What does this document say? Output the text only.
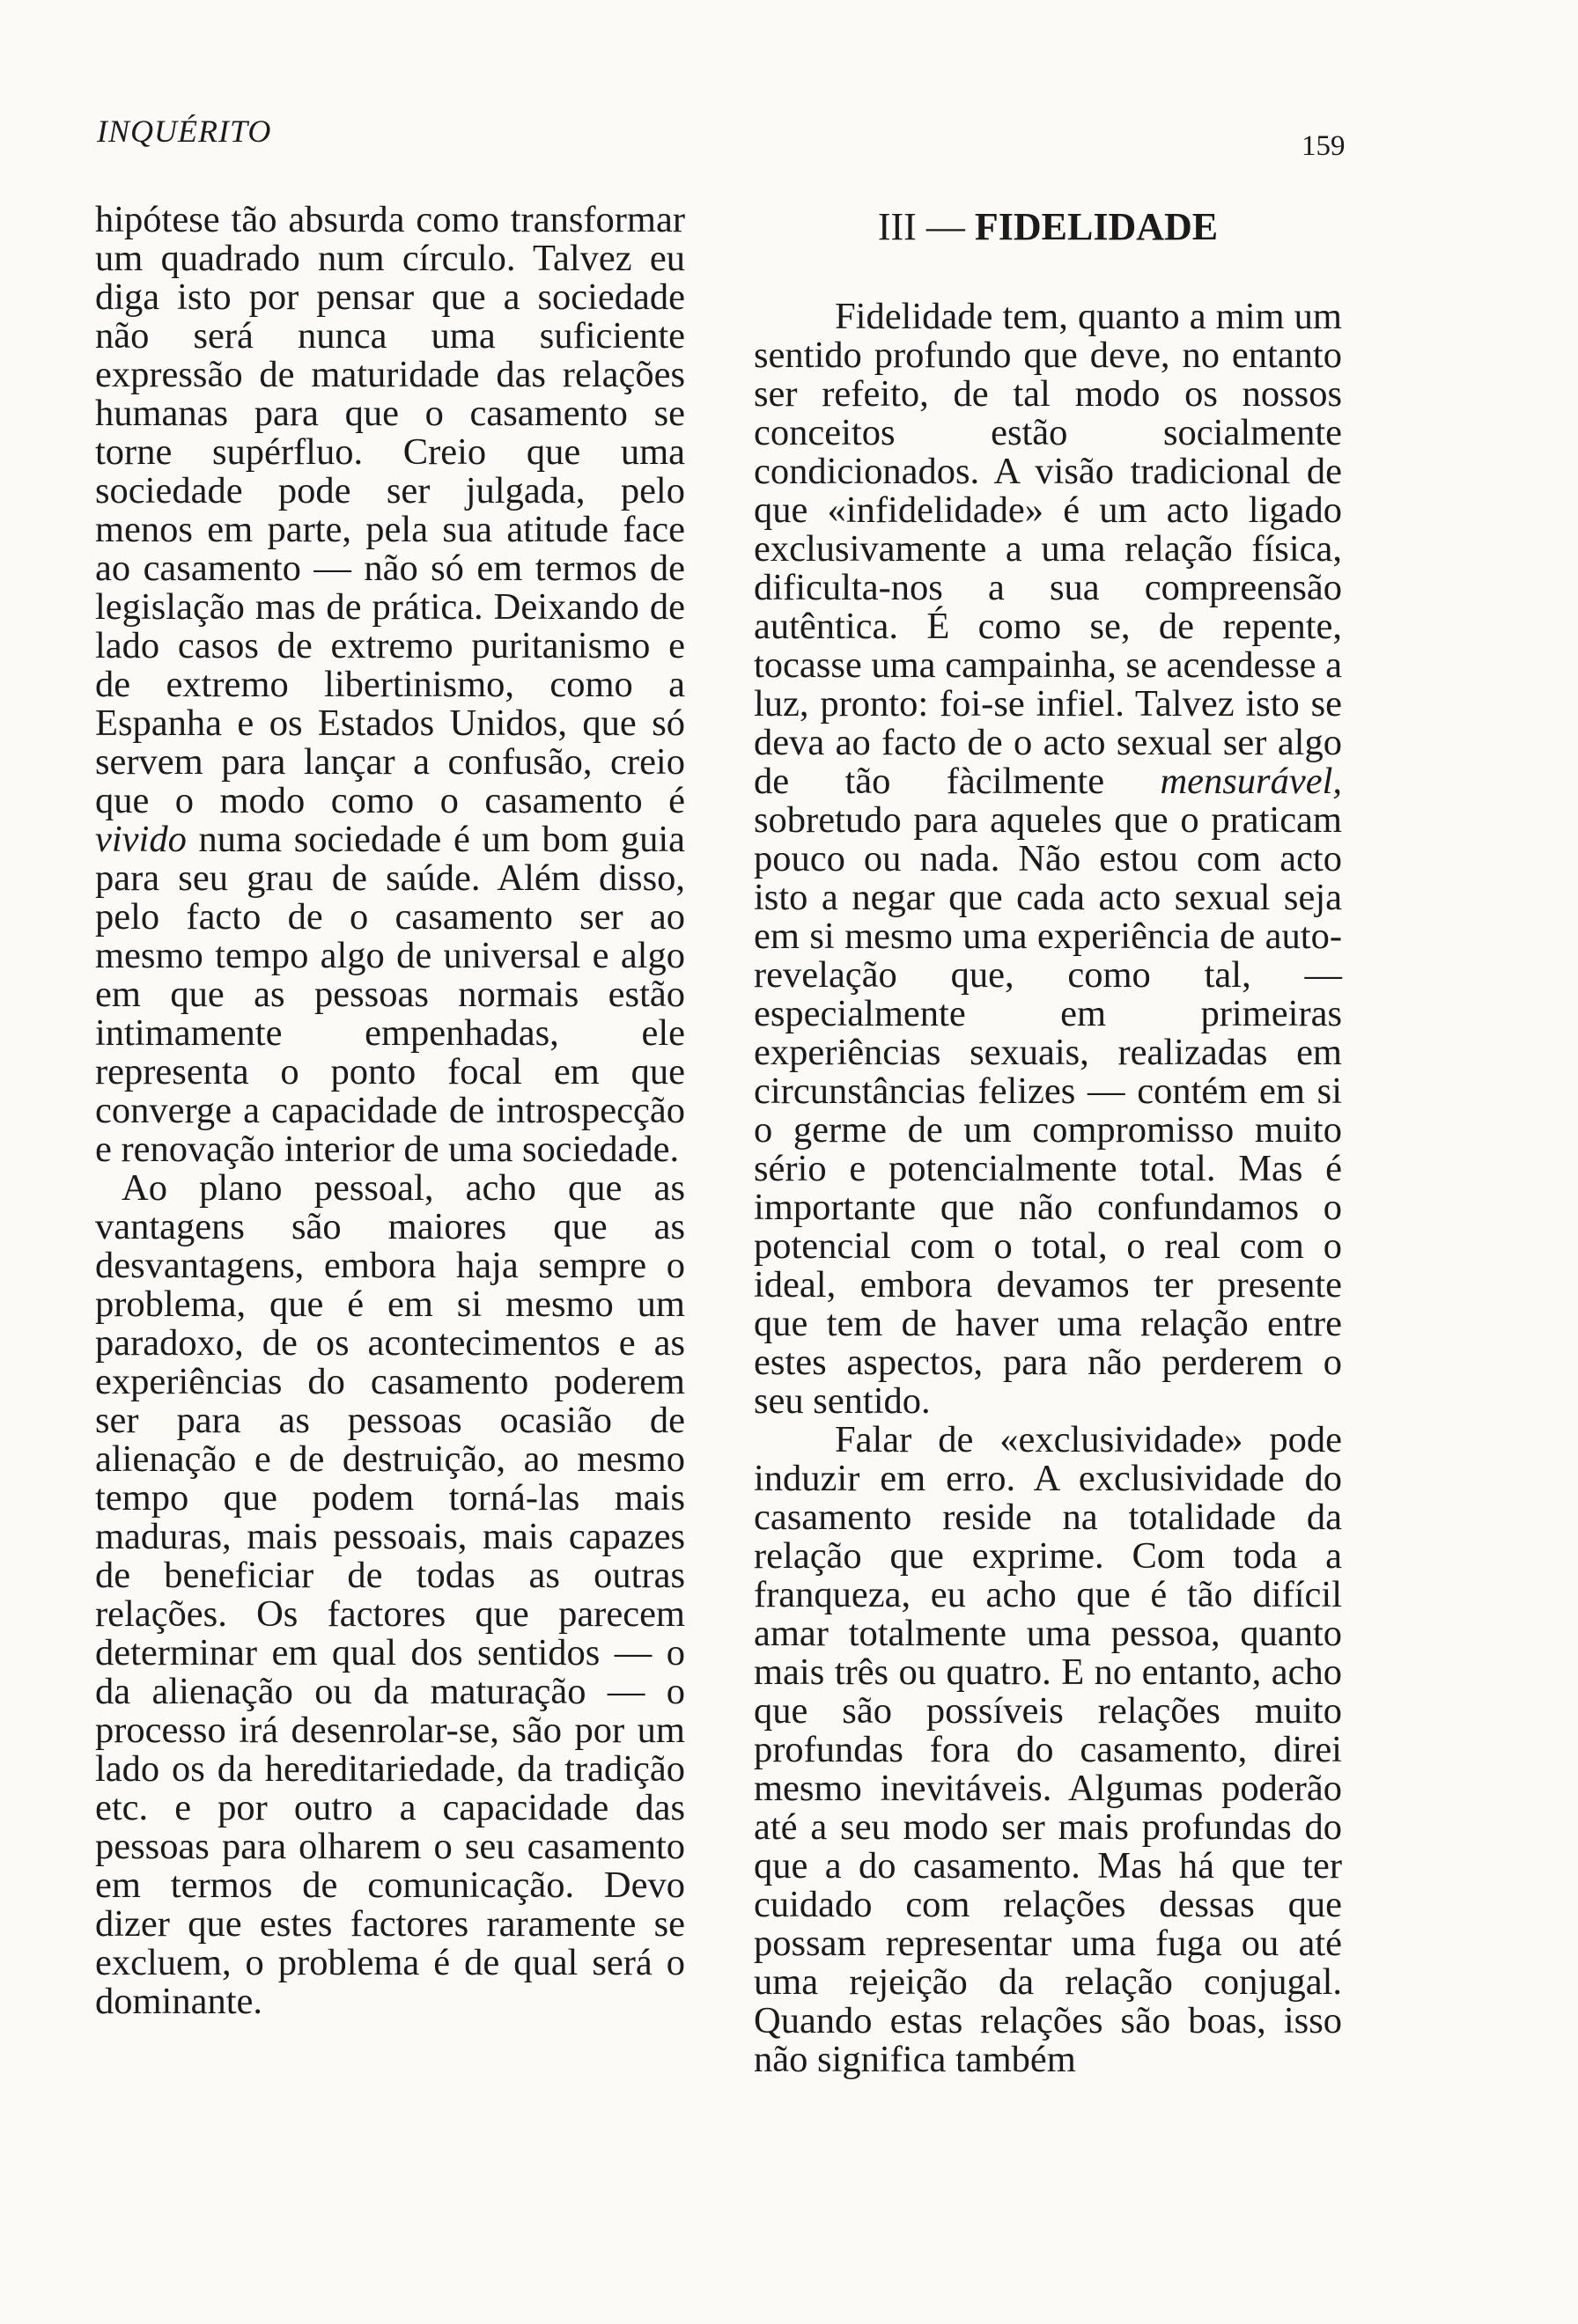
INQUÉRITO	159

hipótese tão absurda como transformar um quadrado num círculo. Talvez eu diga isto por pensar que a sociedade não será nunca uma suficiente expressão de maturidade das relações humanas para que o casamento se torne supérfluo. Creio que uma sociedade pode ser julgada, pelo menos em parte, pela sua atitude face ao casamento — não só em termos de legislação mas de prática. Deixando de lado casos de extremo puritanismo e de extremo libertinismo, como a Espanha e os Estados Unidos, que só servem para lançar a confusão, creio que o modo como o casamento é vivido numa sociedade é um bom guia para seu grau de saúde. Além disso, pelo facto de o casamento ser ao mesmo tempo algo de universal e algo em que as pessoas normais estão intimamente empenhadas, ele representa o ponto focal em que converge a capacidade de introspecção e renovação interior de uma sociedade.

Ao plano pessoal, acho que as vantagens são maiores que as desvantagens, embora haja sempre o problema, que é em si mesmo um paradoxo, de os acontecimentos e as experiências do casamento poderem ser para as pessoas ocasião de alienação e de destruição, ao mesmo tempo que podem torná-las mais maduras, mais pessoais, mais capazes de beneficiar de todas as outras relações. Os factores que parecem determinar em qual dos sentidos — o da alienação ou da maturação — o processo irá desenrolar-se, são por um lado os da hereditariedade, da tradição etc. e por outro a capacidade das pessoas para olharem o seu casamento em termos de comunicação. Devo dizer que estes factores raramente se excluem, o problema é de qual será o dominante.

III — FIDELIDADE

Fidelidade tem, quanto a mim um sentido profundo que deve, no entanto ser refeito, de tal modo os nossos conceitos estão socialmente condicionados. A visão tradicional de que «infidelidade» é um acto ligado exclusivamente a uma relação física, dificulta-nos a sua compreensão autêntica. É como se, de repente, tocasse uma campainha, se acendesse a luz, pronto: foi-se infiel. Talvez isto se deva ao facto de o acto sexual ser algo de tão fàcilmente mensurável, sobretudo para aqueles que o praticam pouco ou nada. Não estou com acto isto a negar que cada acto sexual seja em si mesmo uma experiência de auto-revelação que, como tal, — especialmente em primeiras experiências sexuais, realizadas em circunstâncias felizes — contém em si o germe de um compromisso muito sério e potencialmente total. Mas é importante que não confundamos o potencial com o total, o real com o ideal, embora devamos ter presente que tem de haver uma relação entre estes aspectos, para não perderem o seu sentido.

Falar de «exclusividade» pode induzir em erro. A exclusividade do casamento reside na totalidade da relação que exprime. Com toda a franqueza, eu acho que é tão difícil amar totalmente uma pessoa, quanto mais três ou quatro. E no entanto, acho que são possíveis relações muito profundas fora do casamento, direi mesmo inevitáveis. Algumas poderão até a seu modo ser mais profundas do que a do casamento. Mas há que ter cuidado com relações dessas que possam representar uma fuga ou até uma rejeição da relação conjugal. Quando estas relações são boas, isso não significa também
